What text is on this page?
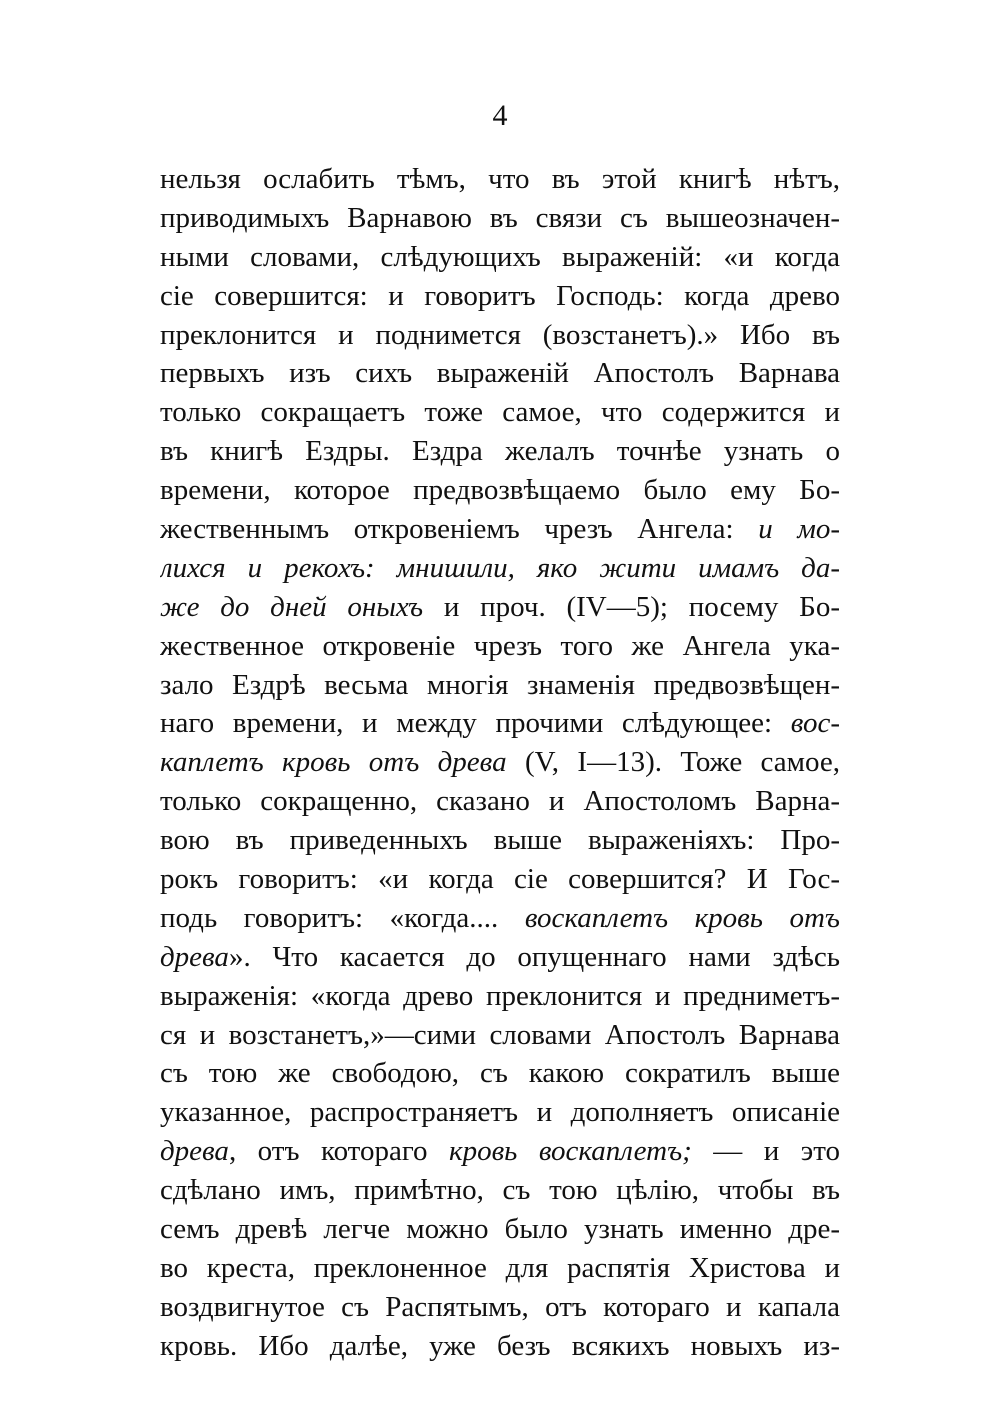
4
нельзя ослабить тѣмъ, что въ этой книгѣ нѣтъ,
приводимыхъ Варнавою въ связи съ вышеозначен-
ными словами, слѣдующихъ выраженій: «и когда
сіе совершится: и говоритъ Господь: когда древо
преклонится и поднимется (возстанетъ).» Ибо въ
первыхъ изъ сихъ выраженій Апостолъ Варнава
только сокращаетъ тоже самое, что содержится и
въ книгѣ Ездры. Ездра желалъ точнѣе узнать о
времени, которое предвозвѣщаемо было ему Бо-
жественнымъ откровеніемъ чрезъ Ангела: и мо-
лихся и рекохъ: мнишили, яко жити имамъ да-
же до дней оныхъ и проч. (IV—5); посему Бо-
жественное откровеніе чрезъ того же Ангела ука-
зало Ездрѣ весьма многія знаменія предвозвѣщен-
наго времени, и между прочими слѣдующее: вос-
каплетъ кровь отъ древа (V, I—13). Тоже самое,
только сокращенно, сказано и Апостоломъ Варна-
вою въ приведенныхъ выше выраженіяхъ: Про-
рокъ говоритъ: «и когда сіе совершится? И Гос-
подь говоритъ: «когда.... воскаплетъ кровь отъ
древа». Что касается до опущеннаго нами здѣсь
выраженія: «когда древо преклонится и предниметъ-
ся и возстанетъ,»—сими словами Апостолъ Варнава
съ тою же свободою, съ какою сократилъ выше
указанное, распространяетъ и дополняетъ описаніе
древа, отъ котораго кровь воскаплетъ; — и это
сдѣлано имъ, примѣтно, съ тою цѣлію, чтобы въ
семъ древѣ легче можно было узнать именно дре-
во креста, преклоненное для распятія Христова и
воздвигнутое съ Распятымъ, отъ котораго и капала
кровь. Ибо далѣе, уже безъ всякихъ новыхъ из-
